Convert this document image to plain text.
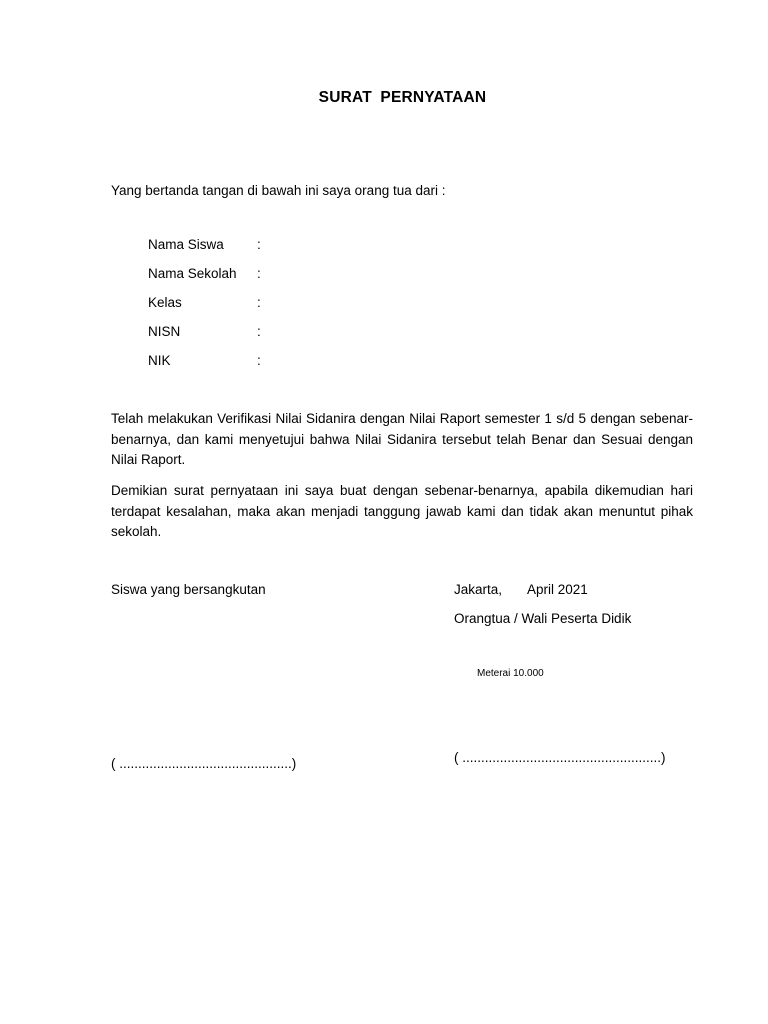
SURAT PERNYATAAN
Yang bertanda tangan di bawah ini saya orang tua dari :
Nama Siswa :
Nama Sekolah :
Kelas	:
NISN	:
NIK	:
Telah melakukan Verifikasi Nilai Sidanira dengan Nilai Raport semester 1 s/d 5 dengan sebenar-benarnya, dan kami menyetujui bahwa Nilai Sidanira tersebut telah Benar dan Sesuai dengan Nilai Raport.
Demikian surat pernyataan ini saya buat dengan sebenar-benarnya, apabila dikemudian hari terdapat kesalahan, maka akan menjadi tanggung jawab kami dan tidak akan menuntut pihak sekolah.
Siswa yang bersangkutan	Jakarta, April 2021
Orangtua / Wali Peserta Didik
Meterai 10.000
( ..............................................)	( .....................................................)
